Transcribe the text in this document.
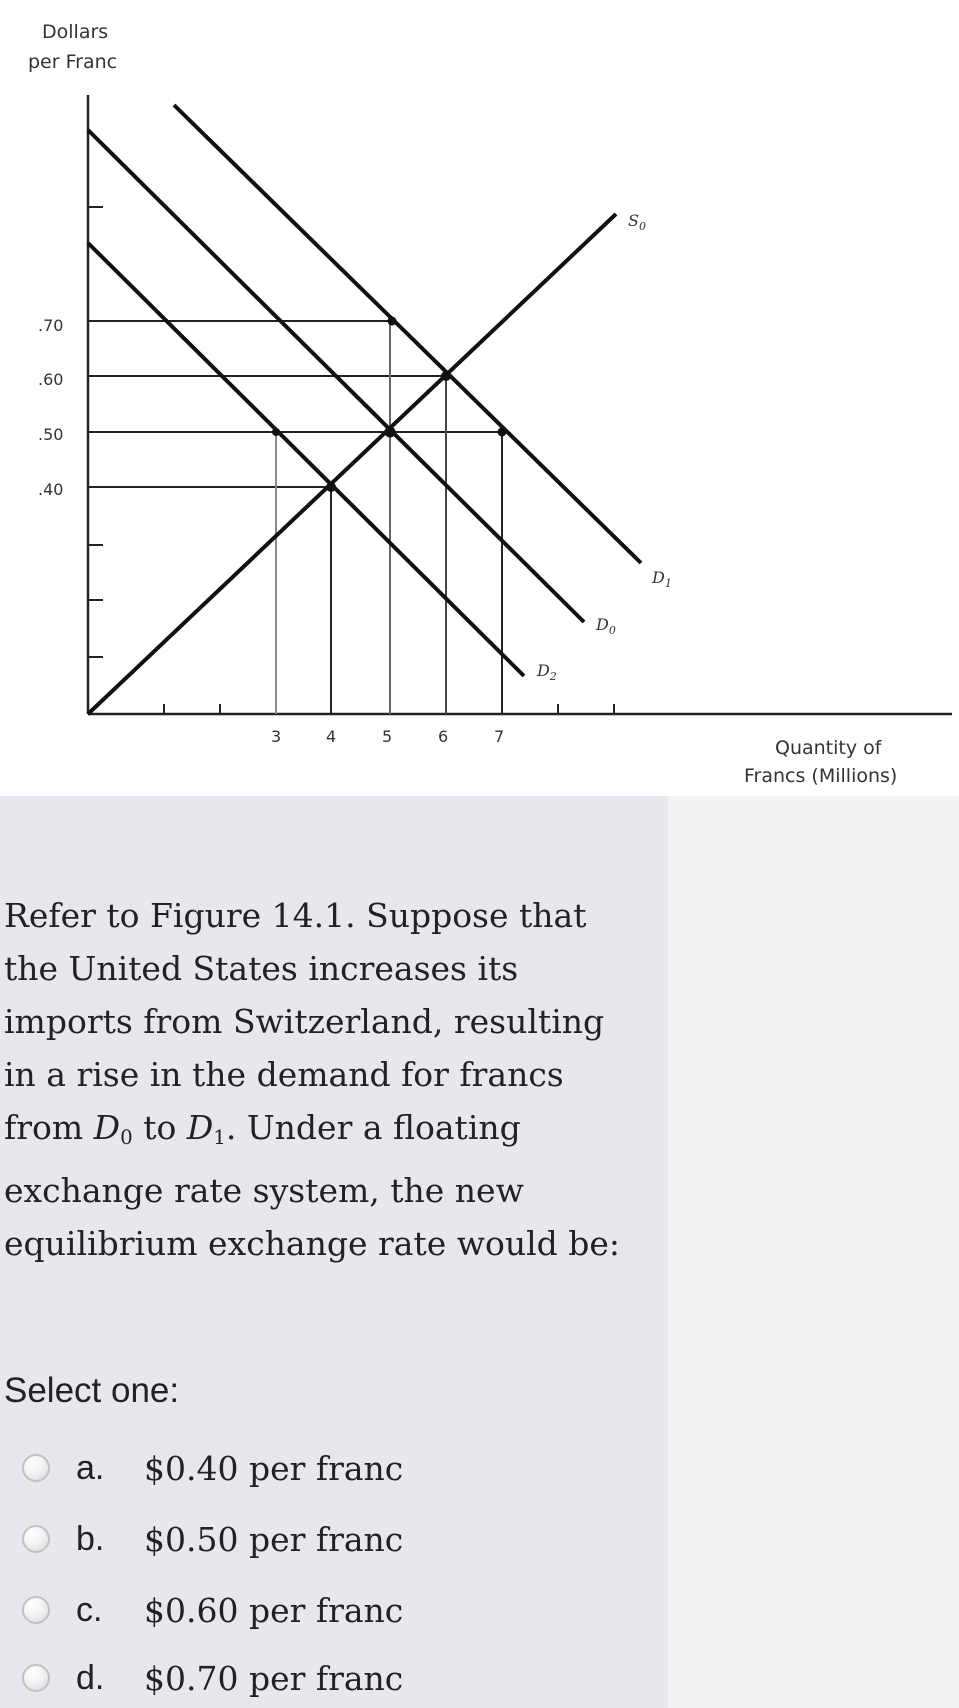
Dollars
per Franc
Quantity of
Francs (Millions)
.70
.60
.50
.40
3	4	5	6	7
$S_0$
$D_1$
$D_0$
$D_2$
Refer to Figure 14.1. Suppose that the United States increases its imports from Switzerland, resulting in a rise in the demand for francs from $D_0$ to $D_1$. Under a floating exchange rate system, the new equilibrium exchange rate would be:
Select one:
a. $0.40 per franc
b. $0.50 per franc
c. $0.60 per franc
d. $0.70 per franc
